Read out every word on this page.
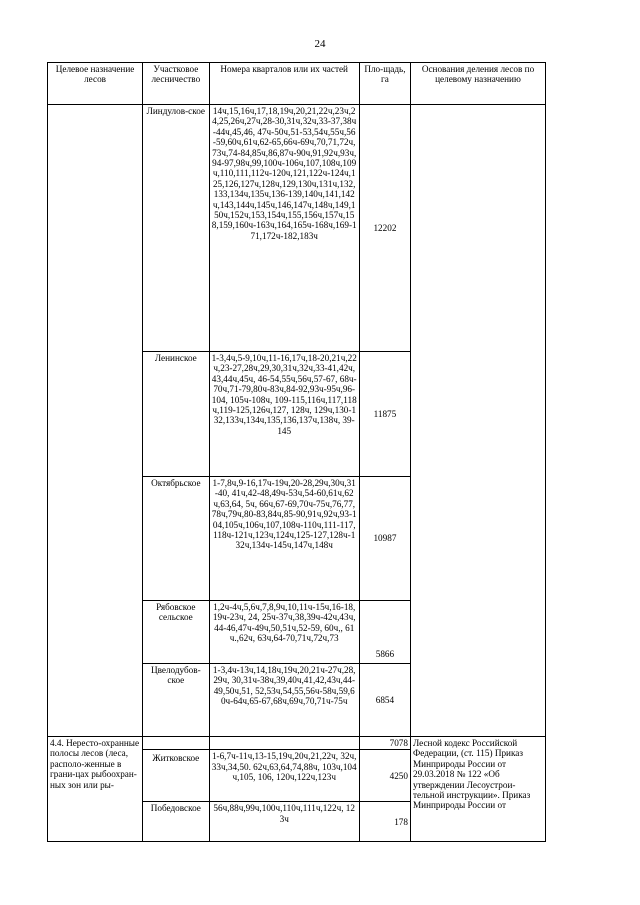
24
Целевое назначение лесов	Участковое лесничество	Номера кварталов или их частей	Пло-щадь, га	Основания деления лесов по целевому назначению
	Линдулов-ское	14ч,15,16ч,17,18,19ч,20,21,22ч,23ч,24,25,26ч,27ч,28-30,31ч,32ч,33-37,38ч-44ч,45,46, 47ч-50ч,51-53,54ч,55ч,56-59,60ч,61ч,62-65,66ч-69ч,70,71,72ч,73ч,74-84,85ч,86,87ч-90ч,91,92ч,93ч,94-97,98ч,99,100ч-106ч,107,108ч,109ч,110,111,112ч-120ч,121,122ч-124ч,125,126,127ч,128ч,129,130ч,131ч,132,133,134ч,135ч,136-139,140ч,141,142ч,143,144ч,145ч,146,147ч,148ч,149,150ч,152ч,153,154ч,155,156ч,157ч,158,159,160ч-163ч,164,165ч-168ч,169-171,172ч-182,183ч	12202	
	Ленинское	1-3,4ч,5-9,10ч,11-16,17ч,18-20,21ч,22ч,23-27,28ч,29,30,31ч,32ч,33-41,42ч,43,44ч,45ч, 46-54,55ч,56ч,57-67, 68ч-70ч,71-79,80ч-83ч,84-92,93ч-95ч,96-104, 105ч-108ч, 109-115,116ч,117,118ч,119-125,126ч,127, 128ч, 129ч,130-132,133ч,134ч,135,136,137ч,138ч, 39-145	11875	
	Октябрьское	1-7,8ч,9-16,17ч-19ч,20-28,29ч,30ч,31-40, 41ч,42-48,49ч-53ч,54-60,61ч,62ч,63,64, 5ч, 66ч,67-69,70ч-75ч,76,77,78ч,79ч,80-83,84ч,85-90,91ч,92ч,93-104,105ч,106ч,107,108ч-110ч,111-117,118ч-121ч,123ч,124ч,125-127,128ч-132ч,134ч-145ч,147ч,148ч	10987	
	Рябовское сельское	1,2ч-4ч,5,6ч,7,8,9ч,10,11ч-15ч,16-18,19ч-23ч, 24, 25ч-37ч,38,39ч-42ч,43ч,44-46,47ч-49ч,50,51ч,52-59, 60ч,, 61ч.,62ч, 63ч,64-70,71ч,72ч,73	5866	
	Цвелодубов-ское	1-3,4ч-13ч,14,18ч,19ч,20,21ч-27ч,28, 29ч, 30,31ч-38ч,39,40ч,41,42,43ч,44-49,50ч,51, 52,53ч,54,55,56ч-58ч,59,60ч-64ч,65-67,68ч,69ч,70,71ч-75ч	6854	
4.4. Нересто-охранные полосы лесов (леса, располо-женные в грани-цах рыбоохран-ных зон или ры-			7078	Лесной кодекс Российской Федерации, (ст. 115) Приказ Минприроды России от 29.03.2018 № 122 «Об утверждении Лесоустрои-тельной инструкции». Приказ Минприроды России от
	Житковское	1-6,7ч-11ч,13-15,19ч,20ч,21,22ч, 32ч,33ч,34,50. 62ч,63,64,74,88ч, 103ч,104ч,105, 106, 120ч,122ч,123ч	4250	
	Победовское	56ч,88ч,99ч,100ч,110ч,111ч,122ч, 123ч	178	
